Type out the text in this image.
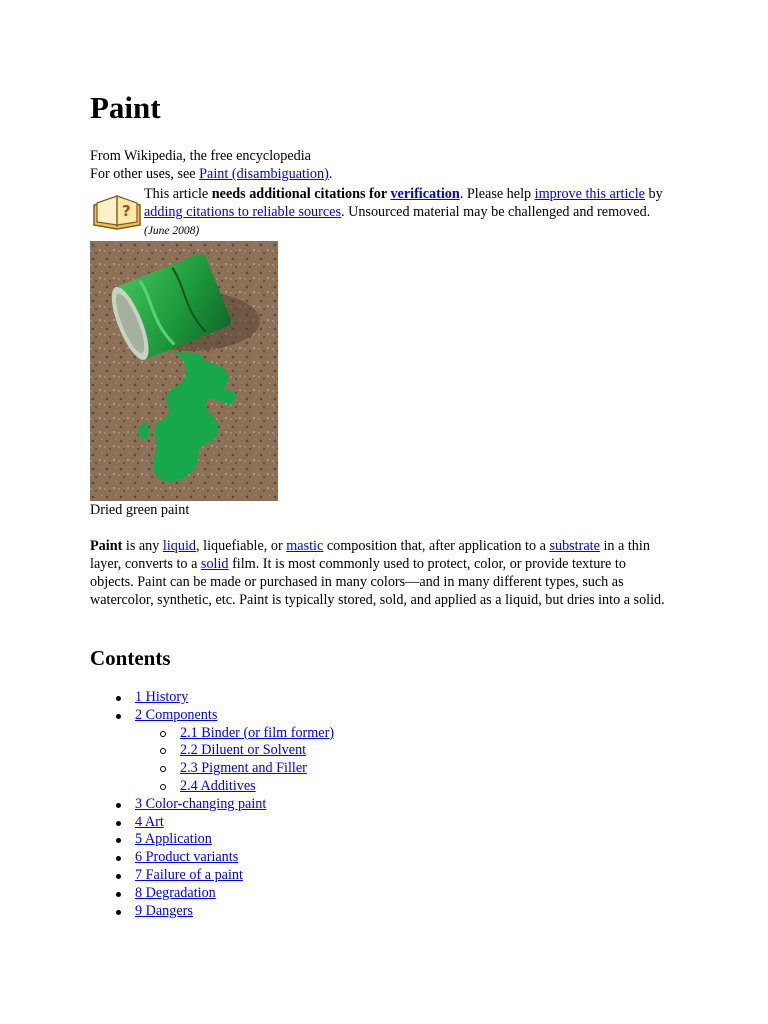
Paint
From Wikipedia, the free encyclopedia
For other uses, see Paint (disambiguation).
?
This article needs additional citations for verification. Please help improve this article by adding citations to reliable sources. Unsourced material may be challenged and removed. (June 2008)
Dried green paint
Paint is any liquid, liquefiable, or mastic composition that, after application to a substrate in a thin layer, converts to a solid film. It is most commonly used to protect, color, or provide texture to objects. Paint can be made or purchased in many colors—and in many different types, such as watercolor, synthetic, etc. Paint is typically stored, sold, and applied as a liquid, but dries into a solid.
Contents
1 History
2 Components
2.1 Binder (or film former)
2.2 Diluent or Solvent
2.3 Pigment and Filler
2.4 Additives
3 Color-changing paint
4 Art
5 Application
6 Product variants
7 Failure of a paint
8 Degradation
9 Dangers
